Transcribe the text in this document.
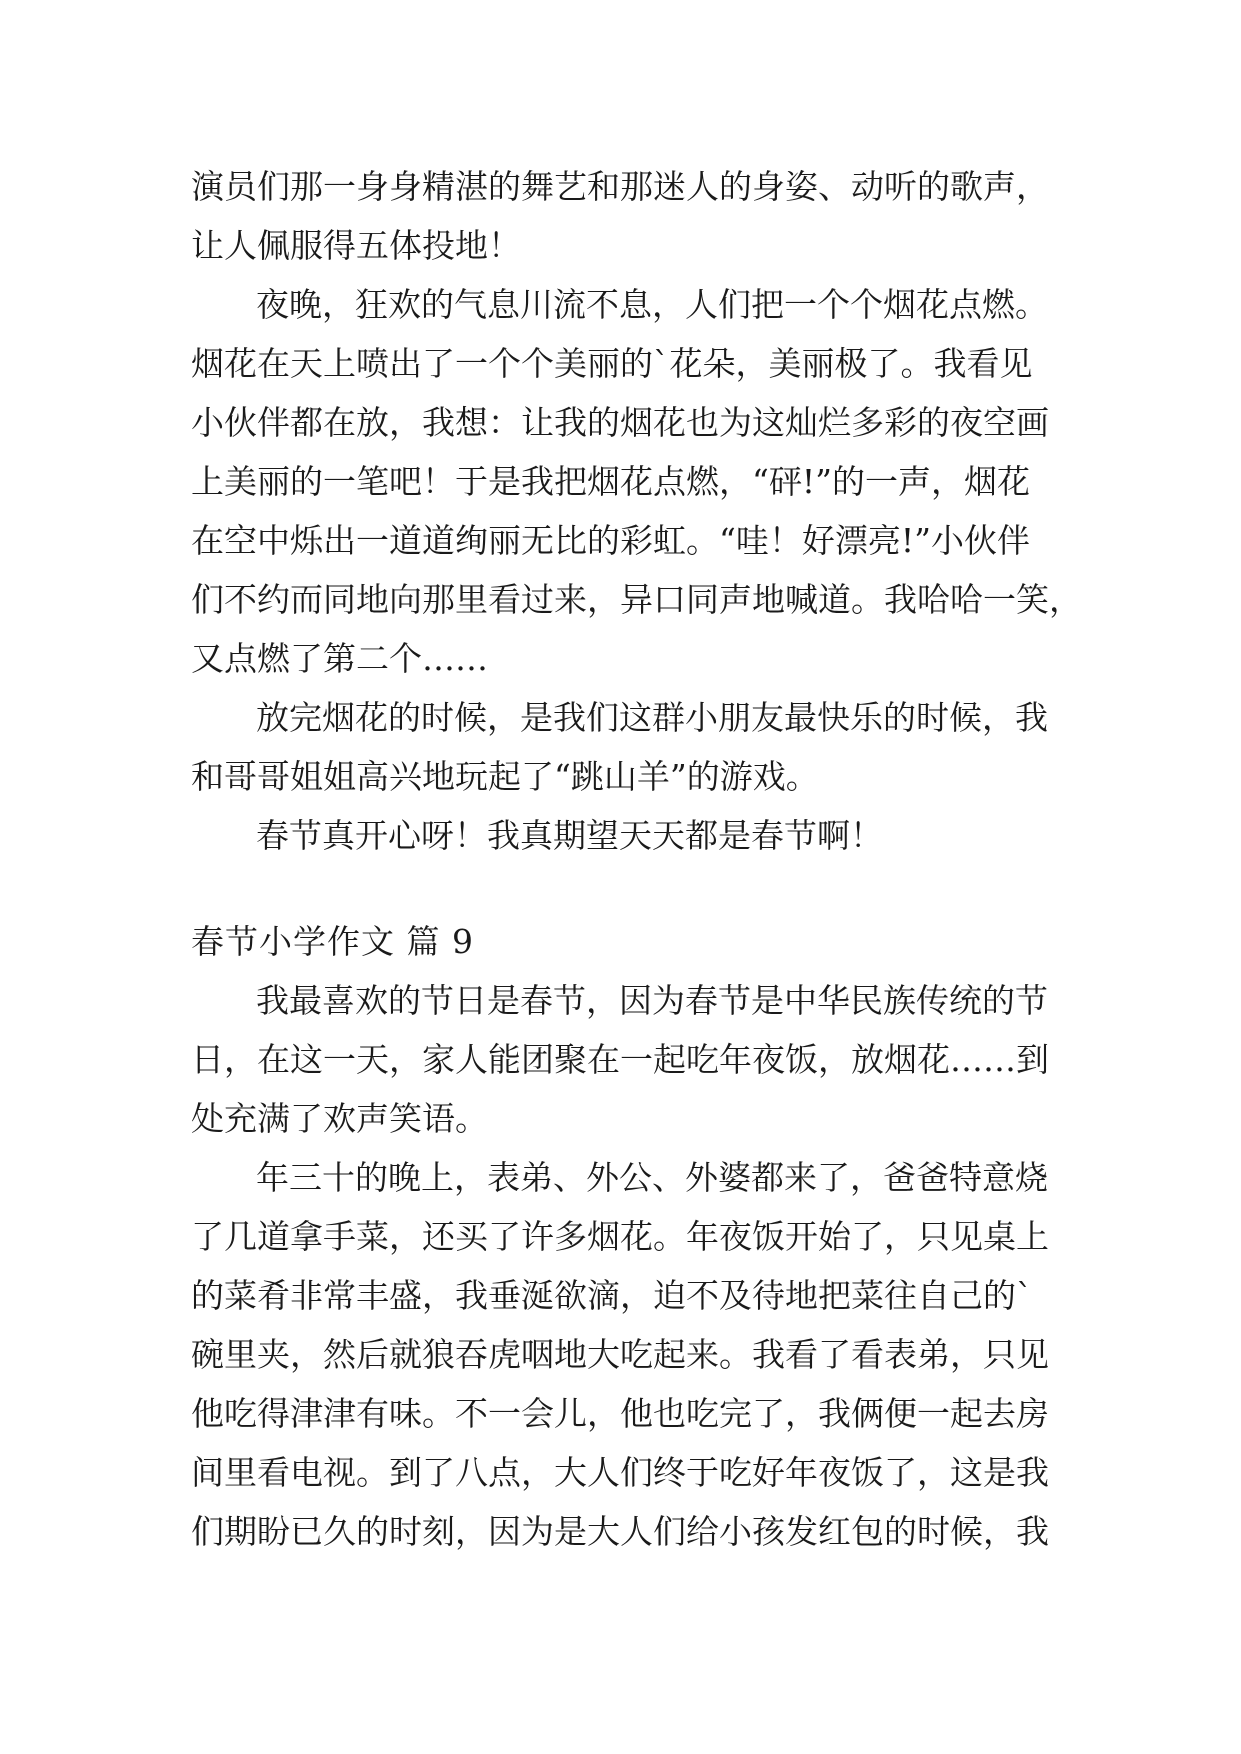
演员们那一身身精湛的舞艺和那迷人的身姿、动听的歌声，
让人佩服得五体投地！
夜晚，狂欢的气息川流不息，人们把一个个烟花点燃。
烟花在天上喷出了一个个美丽的`花朵，美丽极了。我看见
小伙伴都在放，我想：让我的烟花也为这灿烂多彩的夜空画
上美丽的一笔吧！于是我把烟花点燃，“砰!”的一声，烟花
在空中烁出一道道绚丽无比的彩虹。“哇！好漂亮!”小伙伴
们不约而同地向那里看过来，异口同声地喊道。我哈哈一笑，
又点燃了第二个……
放完烟花的时候，是我们这群小朋友最快乐的时候，我
和哥哥姐姐高兴地玩起了“跳山羊”的游戏。
春节真开心呀！我真期望天天都是春节啊！
春节小学作文 篇 9
我最喜欢的节日是春节，因为春节是中华民族传统的节
日，在这一天，家人能团聚在一起吃年夜饭，放烟花……到
处充满了欢声笑语。
年三十的晚上，表弟、外公、外婆都来了，爸爸特意烧
了几道拿手菜，还买了许多烟花。年夜饭开始了，只见桌上
的菜肴非常丰盛，我垂涎欲滴，迫不及待地把菜往自己的`
碗里夹，然后就狼吞虎咽地大吃起来。我看了看表弟，只见
他吃得津津有味。不一会儿，他也吃完了，我俩便一起去房
间里看电视。到了八点，大人们终于吃好年夜饭了，这是我
们期盼已久的时刻，因为是大人们给小孩发红包的时候，我
